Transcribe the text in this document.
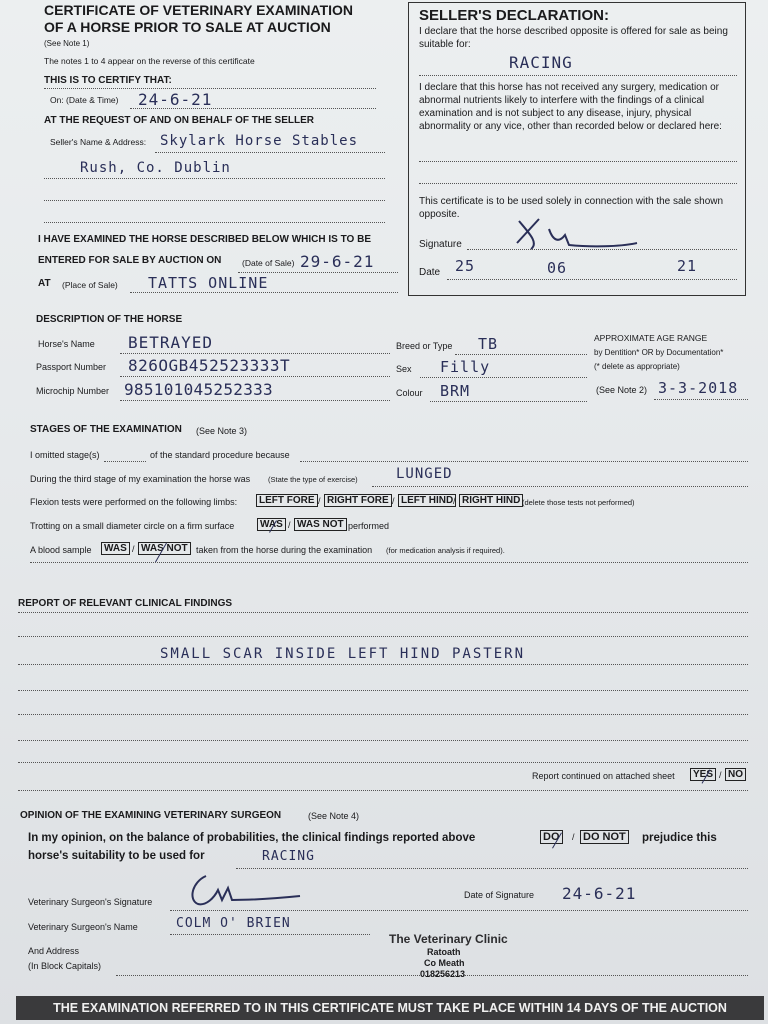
CERTIFICATE OF VETERINARY EXAMINATION
OF A HORSE PRIOR TO SALE AT AUCTION
(See Note 1)
The notes 1 to 4 appear on the reverse of this certificate
THIS IS TO CERTIFY THAT:
On: (Date & Time) 24-6-21
AT THE REQUEST OF AND ON BEHALF OF THE SELLER
Seller's Name & Address: Skylark Horse Stables
Rush, Co. Dublin
I HAVE EXAMINED THE HORSE DESCRIBED BELOW WHICH IS TO BE
ENTERED FOR SALE BY AUCTION ON (Date of Sale) 29-6-21
AT (Place of Sale) TATTS ONLINE
SELLER'S DECLARATION:
I declare that the horse described opposite is offered for sale as being suitable for:
RACING
I declare that this horse has not received any surgery, medication or abnormal nutrients likely to interfere with the findings of a clinical examination and is not subject to any disease, injury, physical abnormality or any vice, other than recorded below or declared here:
This certificate is to be used solely in connection with the sale shown opposite.
Signature
Date 25	06	21
DESCRIPTION OF THE HORSE
Horse's Name BETRAYED
Passport Number 826OGB452523333T
Microchip Number 985101045252333
Breed or Type TB
Sex Filly
Colour BRM
APPROXIMATE AGE RANGE
by Dentition* OR by Documentation*
(* delete as appropriate)
(See Note 2) 3-3-2018
STAGES OF THE EXAMINATION (See Note 3)
I omitted stage(s)	of the standard procedure because
During the third stage of my examination the horse was (State the type of exercise)	LUNGED
Flexion tests were performed on the following limbs:	LEFT FORE / RIGHT FORE / LEFT HIND / RIGHT HIND (delete those tests not performed)
Trotting on a small diameter circle on a firm surface	WAS / WAS NOT performed
A blood sample	WAS / WAS NOT taken from the horse during the examination (for medication analysis if required).
REPORT OF RELEVANT CLINICAL FINDINGS
SMALL SCAR INSIDE LEFT HIND PASTERN
Report continued on attached sheet	YES / NO
OPINION OF THE EXAMINING VETERINARY SURGEON	(See Note 4)
In my opinion, on the balance of probabilities, the clinical findings reported above	DO	/ DO NOT prejudice this
horse's suitability to be used for	RACING
Veterinary Surgeon's Signature
Date of Signature 24-6-21
Veterinary Surgeon's Name	COLM O' BRIEN
And Address
(In Block Capitals)
The Veterinary Clinic
Ratoath
Co Meath
018256213
THE EXAMINATION REFERRED TO IN THIS CERTIFICATE MUST TAKE PLACE WITHIN 14 DAYS OF THE AUCTION
